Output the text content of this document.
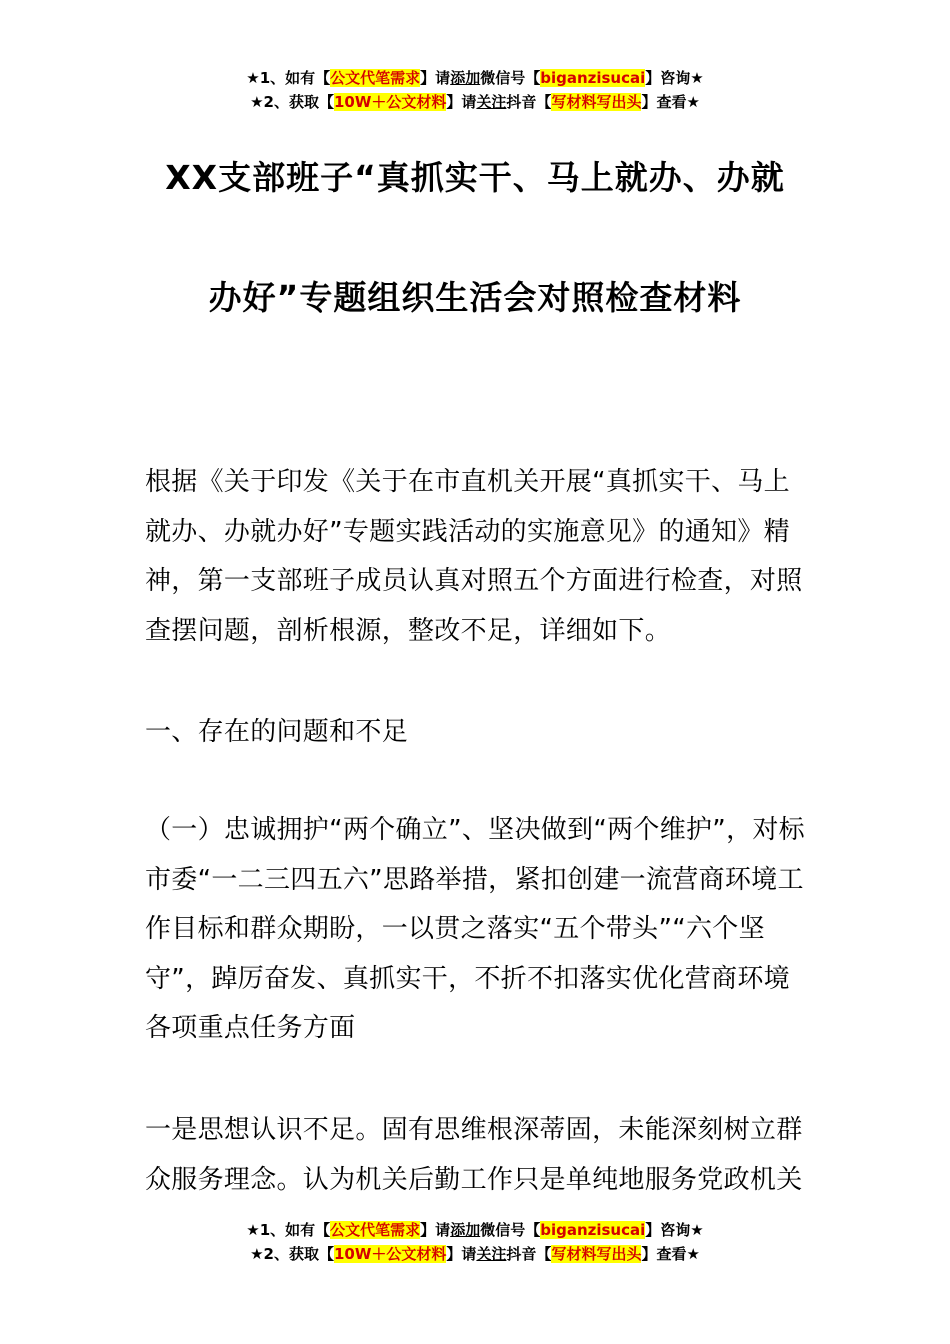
★1、如有【公文代笔需求】请添加微信号【biganzisucai】咨询★
★2、获取【10W＋公文材料】请关注抖音【写材料写出头】查看★
XX支部班子“真抓实干、马上就办、办就
办好”专题组织生活会对照检查材料
根据《关于印发《关于在市直机关开展“真抓实干、马上就办、办就办好”专题实践活动的实施意见》的通知》精神，第一支部班子成员认真对照五个方面进行检查，对照查摆问题，剖析根源，整改不足，详细如下。
一、存在的问题和不足
（一）忠诚拥护“两个确立”、坚决做到“两个维护”，对标市委“一二三四五六”思路举措，紧扣创建一流营商环境工作目标和群众期盼，一以贯之落实“五个带头”“六个坚守”，踔厉奋发、真抓实干，不折不扣落实优化营商环境各项重点任务方面
一是思想认识不足。固有思维根深蒂固，未能深刻树立群众服务理念。认为机关后勤工作只是单纯地服务党政机关
★1、如有【公文代笔需求】请添加微信号【biganzisucai】咨询★
★2、获取【10W＋公文材料】请关注抖音【写材料写出头】查看★
